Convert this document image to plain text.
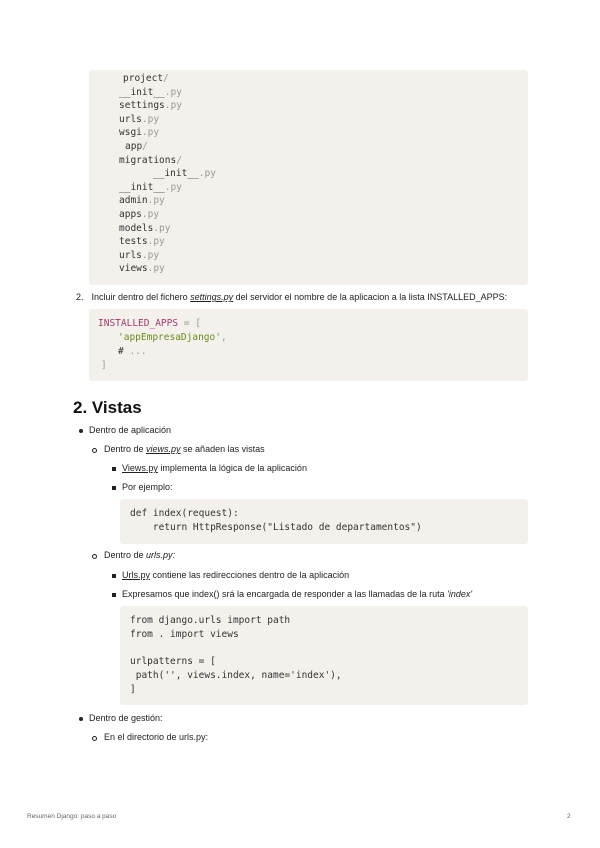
project/
__init__.py
settings.py
urls.py
wsgi.py
app/
migrations/
__init__.py
__init__.py
admin.py
apps.py
models.py
tests.py
urls.py
views.py
2. Incluir dentro del fichero settings.py del servidor el nombre de la aplicacion a la lista INSTALLED_APPS:
INSTALLED_APPS = [
'appEmpresaDjango',
# ...
]
2. Vistas
Dentro de aplicación
Dentro de views.py se añaden las vistas
Views.py implementa la lógica de la aplicación
Por ejemplo:
def index(request):
return HttpResponse("Listado de departamentos")
Dentro de urls.py:
Urls.py contiene las redirecciones dentro de la aplicación
Expresamos que index() srá la encargada de responder a las llamadas de la ruta 'index'
from django.urls import path
from . import views
urlpatterns = [
path('', views.index, name='index'),
]
Dentro de gestión:
En el directorio de urls.py:
Resumen Django: paso a paso	2
